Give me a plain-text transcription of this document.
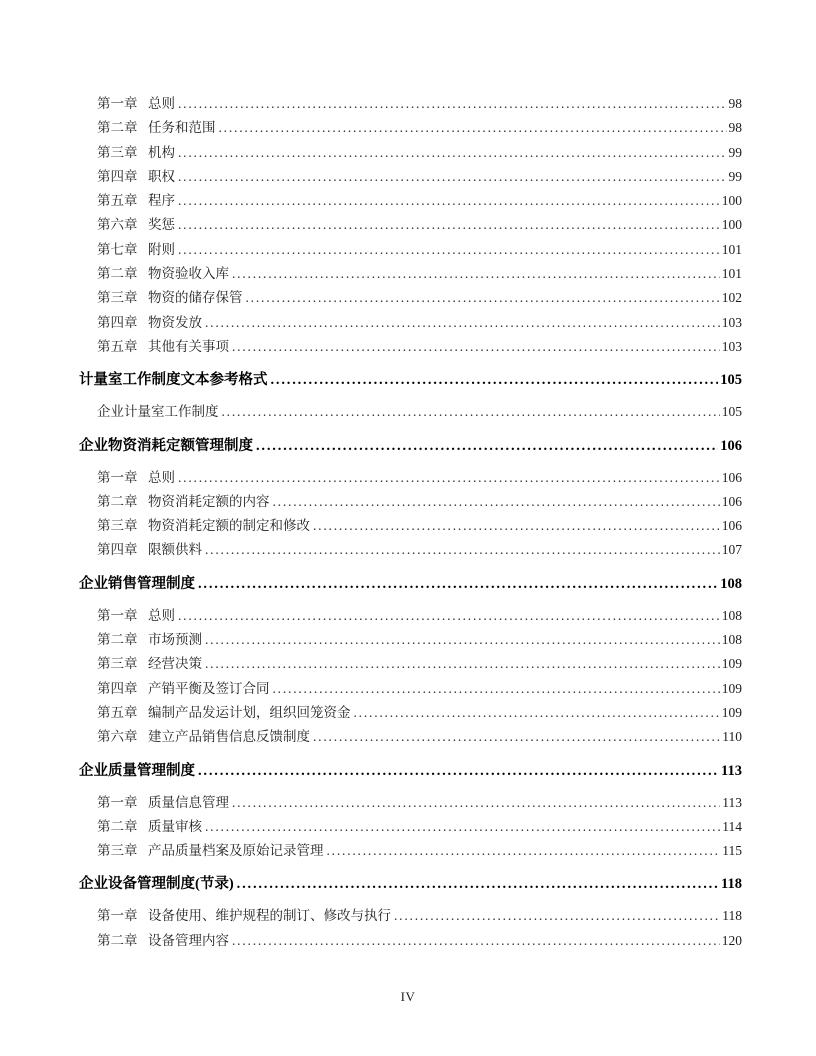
第一章 总则 .....	98
第二章 任务和范围 .....	98
第三章 机构 .....	99
第四章 职权 .....	99
第五章 程序 .....	100
第六章 奖惩 .....	100
第七章 附则 .....	101
第二章 物资验收入库 .....	101
第三章 物资的储存保管 .....	102
第四章 物资发放 .....	103
第五章 其他有关事项 .....	103
计量室工作制度文本参考格式 .....	105
企业计量室工作制度 .....	105
企业物资消耗定额管理制度 .....	106
第一章 总则 .....	106
第二章 物资消耗定额的内容 .....	106
第三章 物资消耗定额的制定和修改 .....	106
第四章 限额供料 .....	107
企业销售管理制度 .....	108
第一章 总则 .....	108
第二章 市场预测 .....	108
第三章 经营决策 .....	109
第四章 产销平衡及签订合同 .....	109
第五章 编制产品发运计划，组织回笼资金 .....	109
第六章 建立产品销售信息反馈制度 .....	110
企业质量管理制度 .....	113
第一章 质量信息管理 .....	113
第二章 质量审核 .....	114
第三章 产品质量档案及原始记录管理 .....	115
企业设备管理制度(节录) .....	118
第一章 设备使用、维护规程的制订、修改与执行 .....	118
第二章 设备管理内容 .....	120
IV
